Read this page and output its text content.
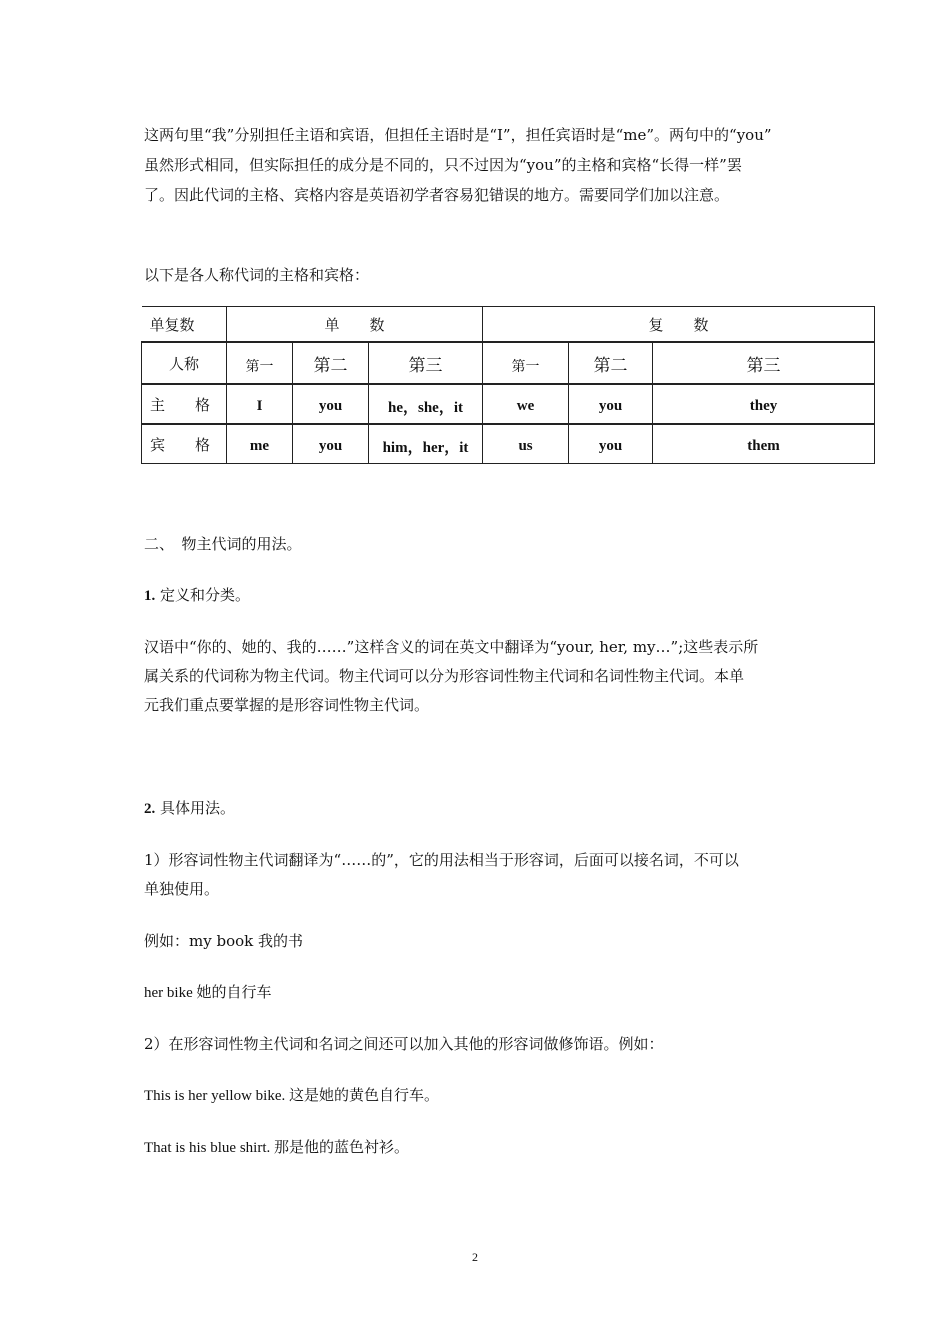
这两句里“我”分别担任主语和宾语，但担任主语时是“I”，担任宾语时是“me”。两句中的“you”

虽然形式相同，但实际担任的成分是不同的，只不过因为“you”的主格和宾格“长得一样”罢

了。因此代词的主格、宾格内容是英语初学者容易犯错误的地方。需要同学们加以注意。

以下是各人称代词的主格和宾格：

单复数	单　　数			复　　数		
人称	第一	第二	第三	第一	第二	第三
主　　格	I	you	he，she，it	we	you	they
宾　　格	me	you	him，her，it	us	you	them

二、　物主代词的用法。

1. 定义和分类。

汉语中“你的、她的、我的……”这样含义的词在英文中翻译为“your, her, my…”;这些表示所

属关系的代词称为物主代词。物主代词可以分为形容词性物主代词和名词性物主代词。本单

元我们重点要掌握的是形容词性物主代词。

2. 具体用法。

1）形容词性物主代词翻译为“……的”，它的用法相当于形容词，后面可以接名词，不可以

单独使用。

例如：my book 我的书

her bike 她的自行车

2）在形容词性物主代词和名词之间还可以加入其他的形容词做修饰语。例如：

This is her yellow bike. 这是她的黄色自行车。

That is his blue shirt. 那是他的蓝色衬衫。

2
